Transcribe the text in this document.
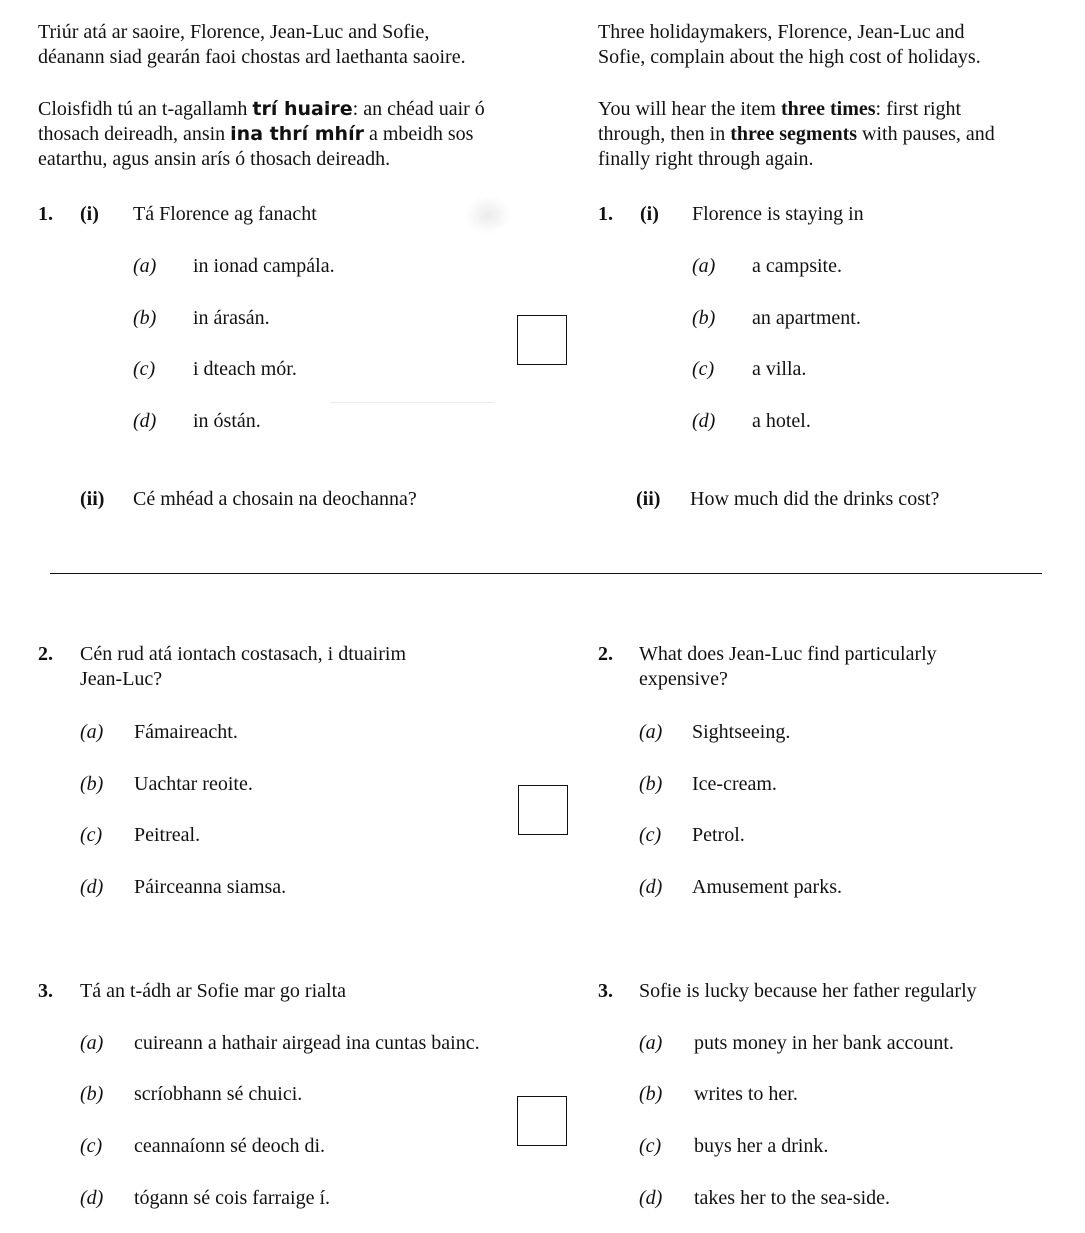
Triúr atá ar saoire, Florence, Jean-Luc and Sofie,
déanann siad gearán faoi chostas ard laethanta saoire.
Cloisfidh tú an t-agallamh trí huaire: an chéad uair ó
thosach deireadh, ansin ina thrí mhír a mbeidh sos
eatarthu, agus ansin arís ó thosach deireadh.
Three holidaymakers, Florence, Jean-Luc and
Sofie, complain about the high cost of holidays.
You will hear the item three times: first right
through, then in three segments with pauses, and
finally right through again.
1. (i) Tá Florence ag fanacht
(a) in ionad campála.
(b) in árasán.
(c) i dteach mór.
(d) in óstán.
1. (i) Florence is staying in
(a) a campsite.
(b) an apartment.
(c) a villa.
(d) a hotel.
(ii) Cé mhéad a chosain na deochanna?	(ii) How much did the drinks cost?
2. Cén rud atá iontach costasach, i dtuairim
Jean-Luc?
(a) Fámaireacht.
(b) Uachtar reoite.
(c) Peitreal.
(d) Páirceanna siamsa.
2. What does Jean-Luc find particularly
expensive?
(a) Sightseeing.
(b) Ice-cream.
(c) Petrol.
(d) Amusement parks.
3. Tá an t-ádh ar Sofie mar go rialta
(a) cuireann a hathair airgead ina cuntas bainc.
(b) scríobhann sé chuici.
(c) ceannaíonn sé deoch di.
(d) tógann sé cois farraige í.
3. Sofie is lucky because her father regularly
(a) puts money in her bank account.
(b) writes to her.
(c) buys her a drink.
(d) takes her to the sea-side.
